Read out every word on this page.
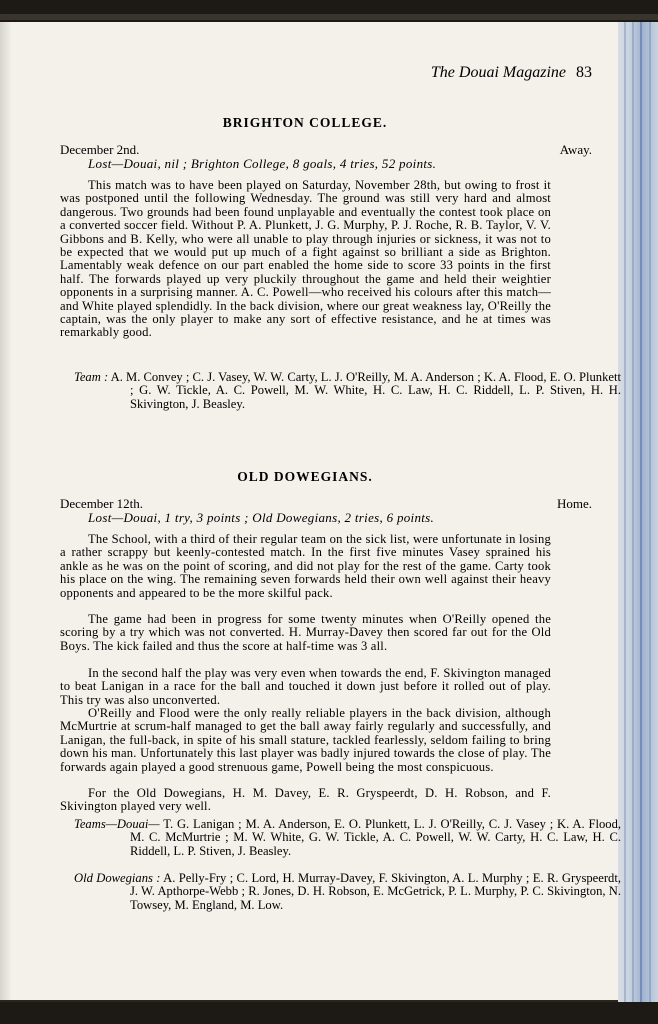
The Douai Magazine 83
BRIGHTON COLLEGE.
December 2nd.	Away.
Lost—Douai, nil ; Brighton College, 8 goals, 4 tries, 52 points.

This match was to have been played on Saturday, November 28th, but owing to frost it was postponed until the following Wednesday. The ground was still very hard and almost dangerous. Two grounds had been found unplayable and eventually the contest took place on a converted soccer field. Without P. A. Plunkett, J. G. Murphy, P. J. Roche, R. B. Taylor, V. V. Gibbons and B. Kelly, who were all unable to play through injuries or sickness, it was not to be expected that we would put up much of a fight against so brilliant a side as Brighton. Lamentably weak defence on our part enabled the home side to score 33 points in the first half. The forwards played up very pluckily throughout the game and held their weightier opponents in a surprising manner. A. C. Powell—who received his colours after this match—and White played splendidly. In the back division, where our great weakness lay, O'Reilly the captain, was the only player to make any sort of effective resistance, and he at times was remarkably good.

Team : A. M. Convey ; C. J. Vasey, W. W. Carty, L. J. O'Reilly, M. A. Anderson ; K. A. Flood, E. O. Plunkett ; G. W. Tickle, A. C. Powell, M. W. White, H. C. Law, H. C. Riddell, L. P. Stiven, H. H. Skivington, J. Beasley.
OLD DOWEGIANS.
December 12th.	Home.
Lost—Douai, 1 try, 3 points ; Old Dowegians, 2 tries, 6 points.

The School, with a third of their regular team on the sick list, were unfortunate in losing a rather scrappy but keenly-contested match. In the first five minutes Vasey sprained his ankle as he was on the point of scoring, and did not play for the rest of the game. Carty took his place on the wing. The remaining seven forwards held their own well against their heavy opponents and appeared to be the more skilful pack.

The game had been in progress for some twenty minutes when O'Reilly opened the scoring by a try which was not converted. H. Murray-Davey then scored far out for the Old Boys. The kick failed and thus the score at half-time was 3 all.

In the second half the play was very even when towards the end, F. Skivington managed to beat Lanigan in a race for the ball and touched it down just before it rolled out of play. This try was also unconverted.

O'Reilly and Flood were the only really reliable players in the back division, although McMurtrie at scrum-half managed to get the ball away fairly regularly and successfully, and Lanigan, the full-back, in spite of his small stature, tackled fearlessly, seldom failing to bring down his man. Unfortunately this last player was badly injured towards the close of play. The forwards again played a good strenuous game, Powell being the most conspicuous.

For the Old Dowegians, H. M. Davey, E. R. Gryspeerdt, D. H. Robson, and F. Skivington played very well.

Teams—Douai— T. G. Lanigan ; M. A. Anderson, E. O. Plunkett, L. J. O'Reilly, C. J. Vasey ; K. A. Flood, M. C. McMurtrie ; M. W. White, G. W. Tickle, A. C. Powell, W. W. Carty, H. C. Law, H. C. Riddell, L. P. Stiven, J. Beasley.
Old Dowegians : A. Pelly-Fry ; C. Lord, H. Murray-Davey, F. Skivington, A. L. Murphy ; E. R. Gryspeerdt, J. W. Apthorpe-Webb ; R. Jones, D. H. Robson, E. McGetrick, P. L. Murphy, P. C. Skivington, N. Towsey, M. England, M. Low.
